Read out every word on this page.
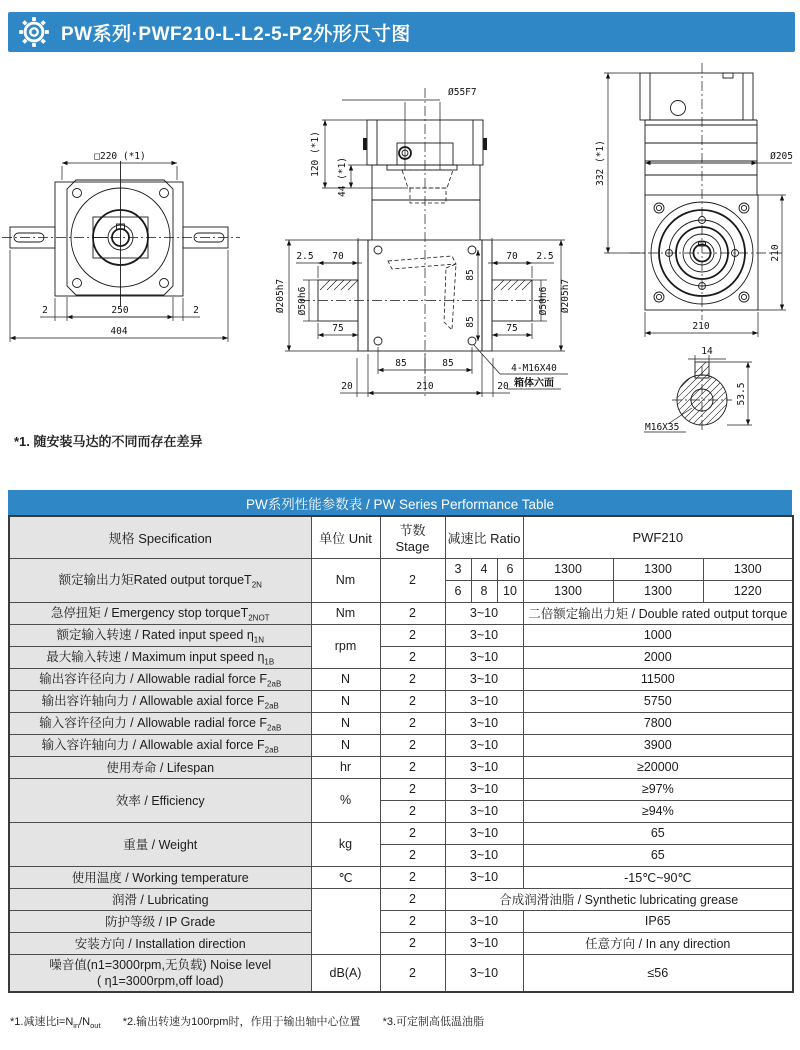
PW系列·PWF210-L-L2-5-P2外形尺寸图
□220 (*1)
2	250	2
404
Ø55F7
120 (*1)
44 (*1)
2.5 70
75
Ø205h7 Ø50h6
70 2.5
75
Ø205h7
Ø50h6
85
85
85	85
20	210	20
4-M16X40
箱体六面
332 (*1)	Ø205
210
210
14
53.5
M16X35
*1. 随安装马达的不同而存在差异
PW系列性能参数表 / PW Series Performance Table
规格 Specification	单位 Unit	节数 Stage	减速比 Ratio			PWF210		
额定输出力矩Rated output torqueT$_{2N}$	Nm	2	3	4	6	1300	1300	1300
			6	8	10	1300	1300	1220
急停扭矩 / Emergency stop torqueT$_{2NOT}$	Nm	2	3~10			二倍额定输出力矩 / Double rated output torque		
额定输入转速 / Rated input speed $\eta_{1N}$	rpm	2	3~10			1000		
最大输入转速 / Maximum input speed $\eta_{1B}$		2	3~10			2000		
输出容许径向力 / Allowable radial force $F_{2aB}$	N	2	3~10			11500		
输出容许轴向力 / Allowable axial force $F_{2aB}$	N	2	3~10			5750		
输入容许径向力 / Allowable radial force $F_{2aB}$	N	2	3~10			7800		
输入容许轴向力 / Allowable axial force $F_{2aB}$	N	2	3~10			3900		
使用寿命 / Lifespan	hr	2	3~10			≥20000		
效率 / Efficiency	%	2	3~10			≥97%		
		2	3~10			≥94%		
重量 / Weight	kg	2	3~10			65		
		2	3~10			65		
使用温度 / Working temperature	℃	2	3~10			-15℃~90℃		
润滑 / Lubricating		2	合成润滑油脂 / Synthetic lubricating grease					
防护等级 / IP Grade		2	3~10			IP65		
安装方向 / Installation direction		2	3~10			任意方向 / In any direction		

噪音值(n1=3000rpm,无负载) Noise level
( η1=3000rpm,off load)	dB(A)	2	3~10			≤56		
*1.减速比$i=N_{in}/N_{out}$ *2.输出转速为100rpm时，作用于输出轴中心位置 *3.可定制高低温油脂
